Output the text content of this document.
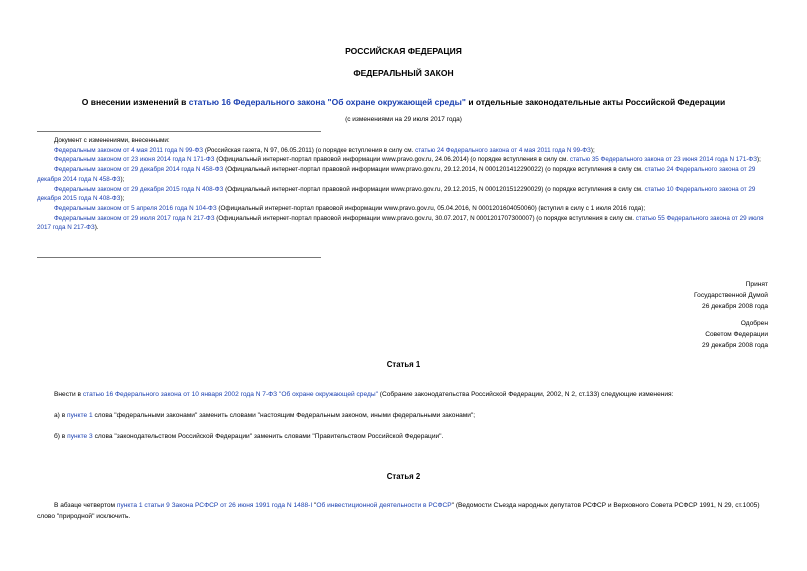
РОССИЙСКАЯ ФЕДЕРАЦИЯ
ФЕДЕРАЛЬНЫЙ ЗАКОН
О внесении изменений в статью 16 Федерального закона "Об охране окружающей среды" и отдельные законодательные акты Российской Федерации
(с изменениями на 29 июля 2017 года)

Документ с изменениями, внесенными:

Федеральным законом от 4 мая 2011 года N 99-ФЗ (Российская газета, N 97, 06.05.2011) (о порядке вступления в силу см. статью 24 Федерального закона от 4 мая 2011 года N 99-ФЗ);

Федеральным законом от 23 июня 2014 года N 171-ФЗ (Официальный интернет-портал правовой информации www.pravo.gov.ru, 24.06.2014) (о порядке вступления в силу см. статью 35 Федерального закона от 23 июня 2014 года N 171-ФЗ);

Федеральным законом от 29 декабря 2014 года N 458-ФЗ (Официальный интернет-портал правовой информации www.pravo.gov.ru, 29.12.2014, N 0001201412290022) (о порядке вступления в силу см. статью 24 Федерального закона от 29 декабря 2014 года N 458-ФЗ);

Федеральным законом от 29 декабря 2015 года N 408-ФЗ (Официальный интернет-портал правовой информации www.pravo.gov.ru, 29.12.2015, N 0001201512290029) (о порядке вступления в силу см. статью 10 Федерального закона от 29 декабря 2015 года N 408-ФЗ);

Федеральным законом от 5 апреля 2016 года N 104-ФЗ (Официальный интернет-портал правовой информации www.pravo.gov.ru, 05.04.2016, N 0001201604050060) (вступил в силу с 1 июля 2016 года);

Федеральным законом от 29 июля 2017 года N 217-ФЗ (Официальный интернет-портал правовой информации www.pravo.gov.ru, 30.07.2017, N 0001201707300007) (о порядке вступления в силу см. статью 55 Федерального закона от 29 июля 2017 года N 217-ФЗ).

Принят
Государственной Думой
26 декабря 2008 года
Одобрен
Советом Федерации
29 декабря 2008 года
Статья 1

Внести в статью 16 Федерального закона от 10 января 2002 года N 7-ФЗ "Об охране окружающей среды" (Собрание законодательства Российской Федерации, 2002, N 2, ст.133) следующие изменения:

а) в пункте 1 слова "федеральными законами" заменить словами "настоящим Федеральным законом, иными федеральными законами";

б) в пункте 3 слова "законодательством Российской Федерации" заменить словами "Правительством Российской Федерации".

Статья 2

В абзаце четвертом пункта 1 статьи 9 Закона РСФСР от 26 июня 1991 года N 1488-I "Об инвестиционной деятельности в РСФСР" (Ведомости Съезда народных депутатов РСФСР и Верховного Совета РСФСР 1991, N 29, ст.1005) слово "природной" исключить.
